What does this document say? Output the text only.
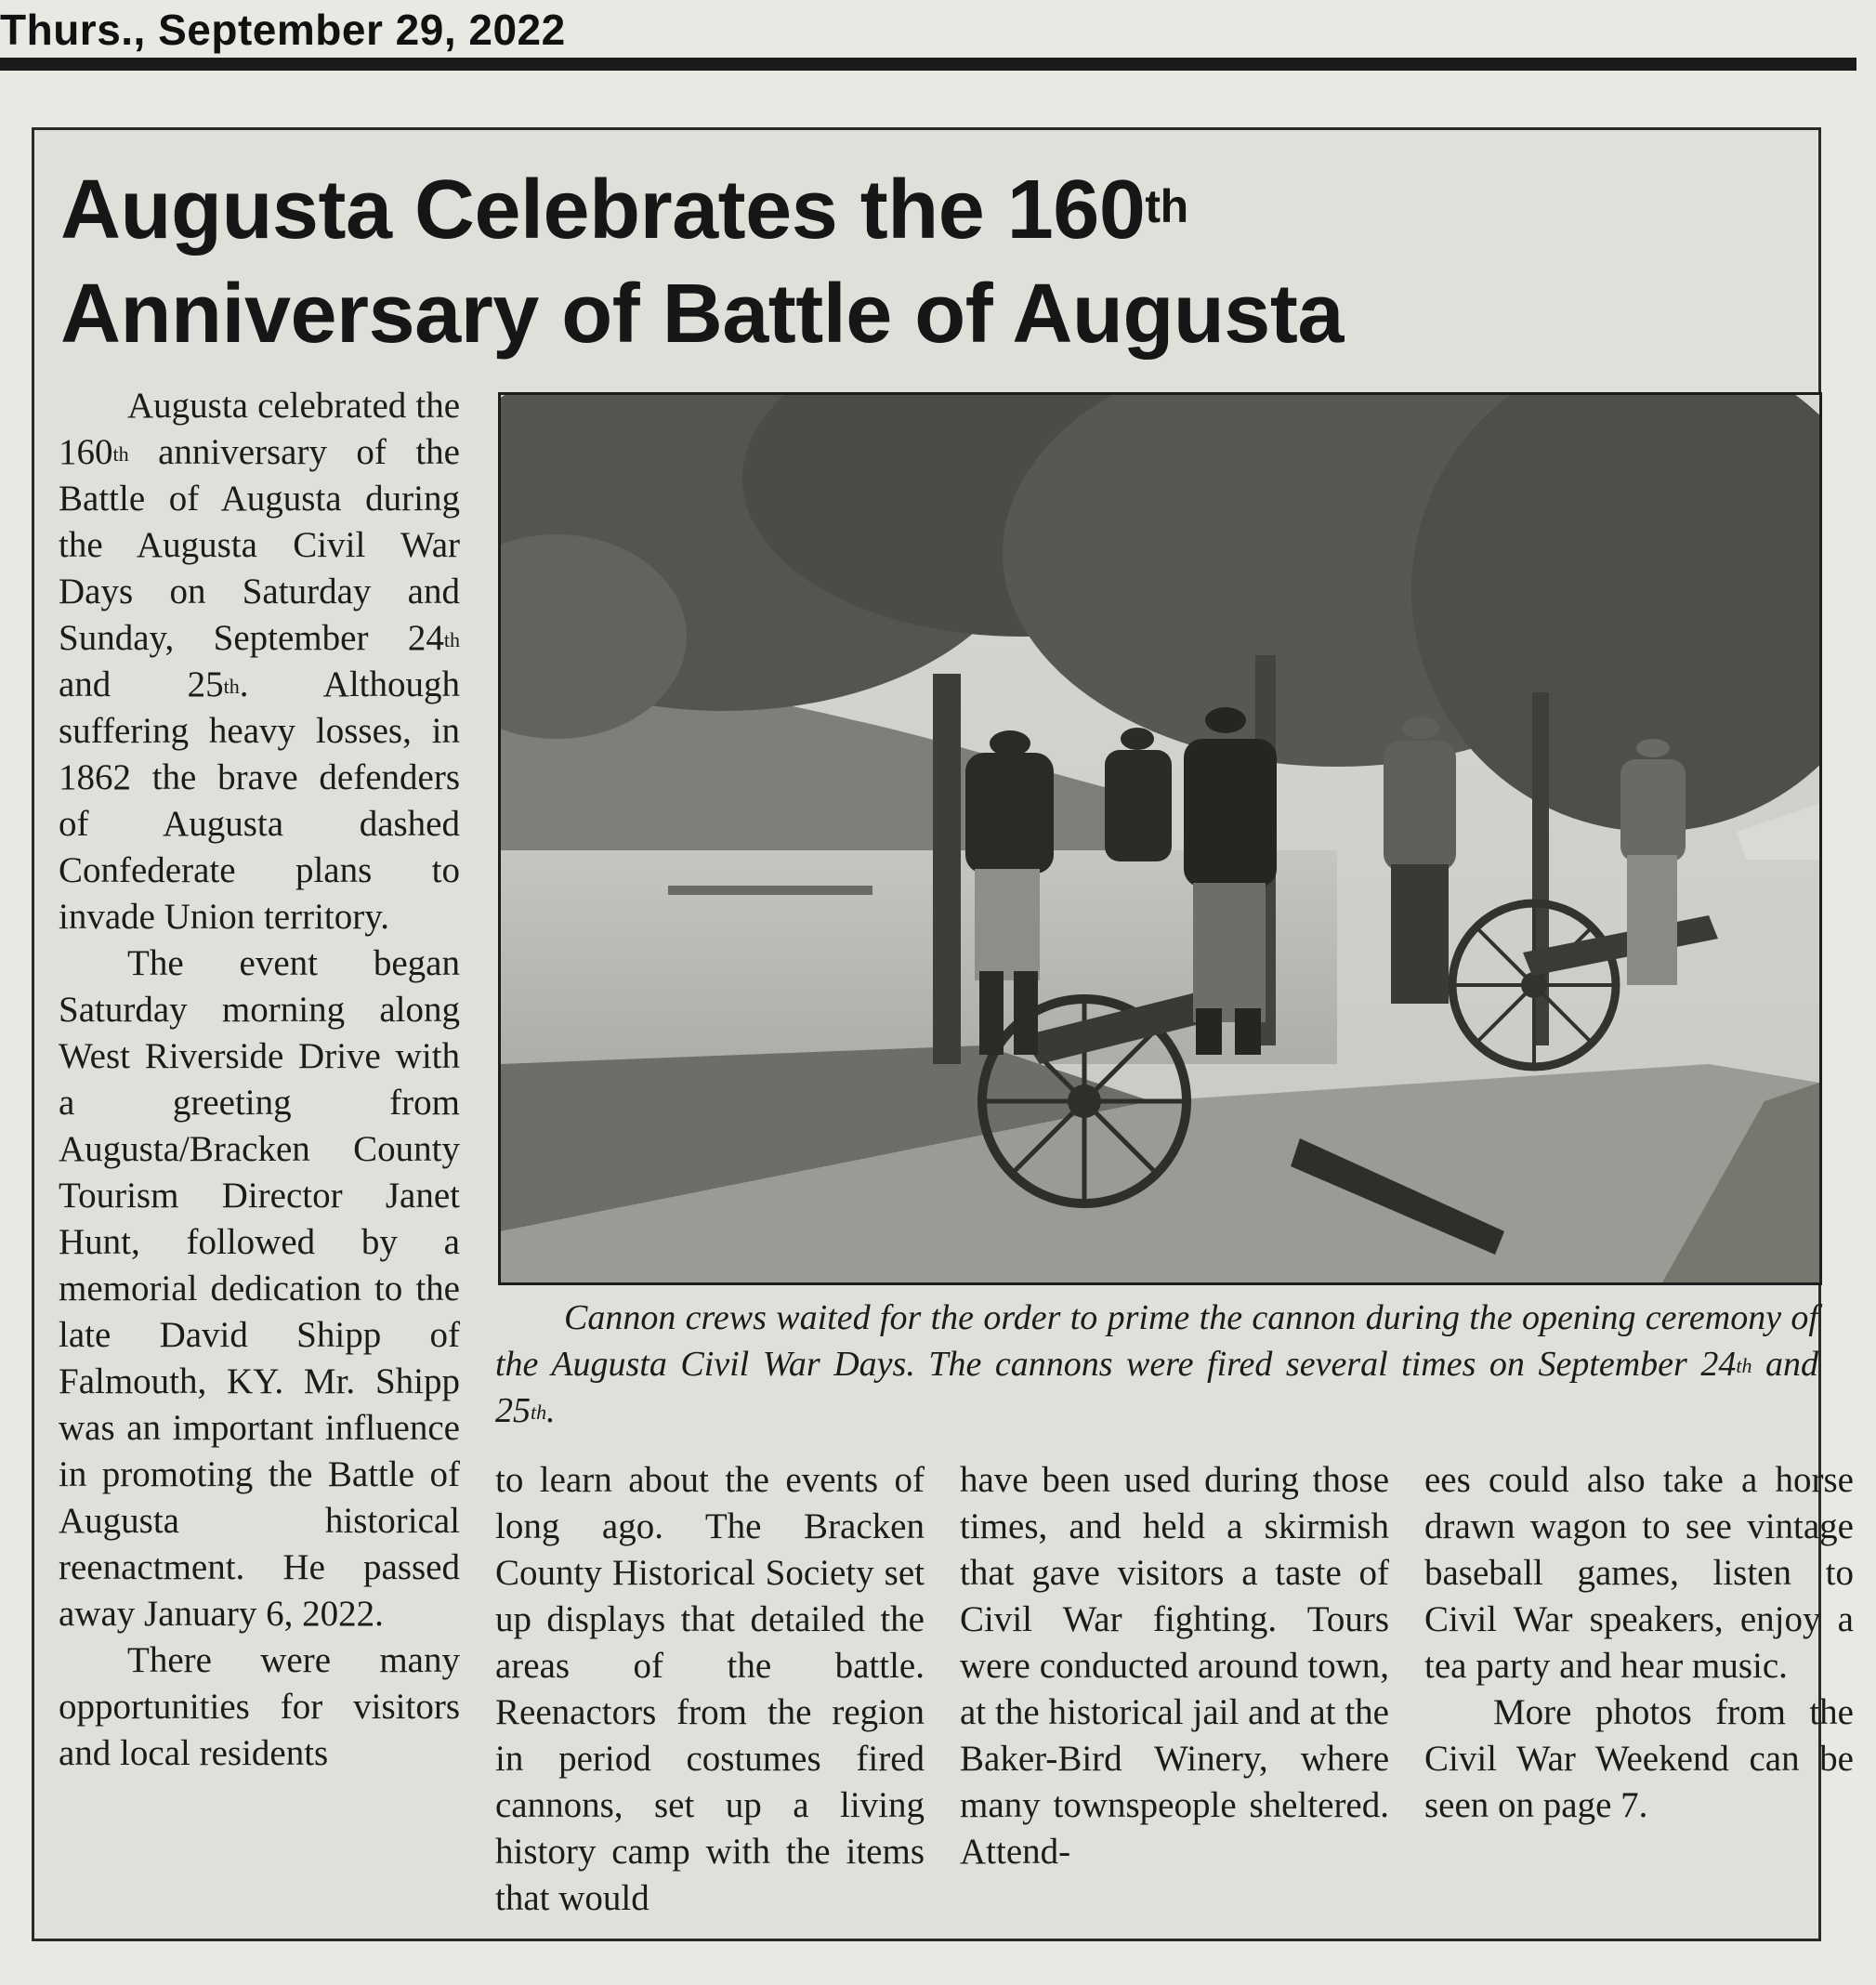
Thurs., September 29, 2022
Augusta Celebrates the 160th
Anniversary of Battle of Augusta

Augusta celebrated the 160th anniversary of the Battle of Augusta during the Augusta Civil War Days on Saturday and Sunday, September 24th and 25th. Although suffering heavy losses, in 1862 the brave defenders of Augusta dashed Confederate plans to invade Union territory.

The event began Saturday morning along West Riverside Drive with a greeting from Augusta/Bracken County Tourism Director Janet Hunt, followed by a memorial dedication to the late David Shipp of Falmouth, KY. Mr. Shipp was an important influence in promoting the Battle of Augusta historical reenactment. He passed away January 6, 2022.

There were many opportunities for visitors and local residents

Cannon crews waited for the order to prime the cannon during the opening ceremony of the Augusta Civil War Days. The cannons were fired several times on September 24th and 25th.

to learn about the events of long ago. The Bracken County Historical Society set up displays that detailed the areas of the battle. Reenactors from the region in period costumes fired cannons, set up a living history camp with the items that would

have been used during those times, and held a skirmish that gave visitors a taste of Civil War fighting. Tours were conducted around town, at the historical jail and at the Baker-Bird Winery, where many townspeople sheltered. Attend-

ees could also take a horse drawn wagon to see vintage baseball games, listen to Civil War speakers, enjoy a tea party and hear music.

More photos from the Civil War Weekend can be seen on page 7.
